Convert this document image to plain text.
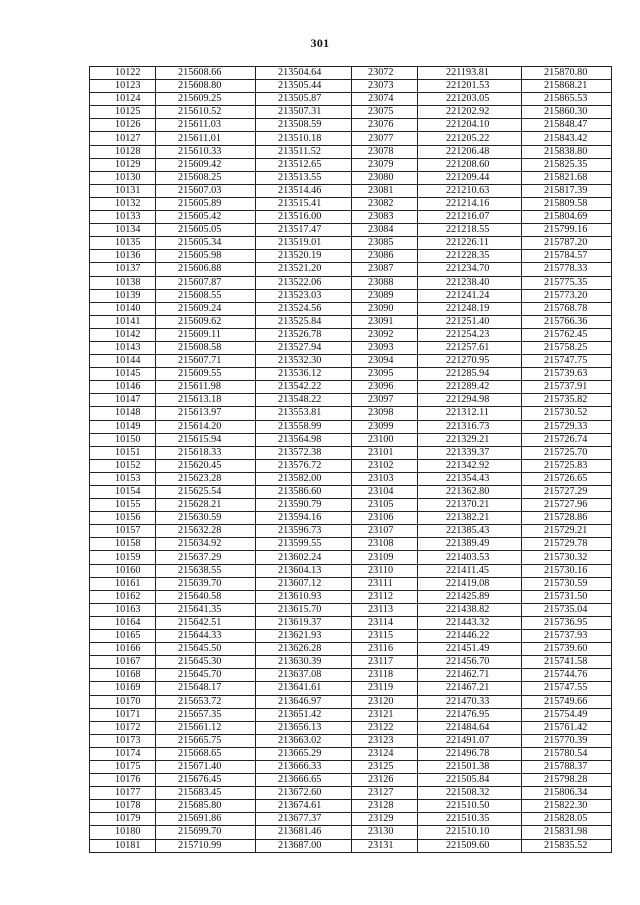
301
10122	215608.66	213504.64	23072	221193.81	215870.80
10123	215608.80	213505.44	23073	221201.53	215868.21
10124	215609.25	213505.87	23074	221203.05	215865.53
10125	215610.52	213507.31	23075	221202.92	215860.30
10126	215611.03	213508.59	23076	221204.10	215848.47
10127	215611.01	213510.18	23077	221205.22	215843.42
10128	215610.33	213511.52	23078	221206.48	215838.80
10129	215609.42	213512.65	23079	221208.60	215825.35
10130	215608.25	213513.55	23080	221209.44	215821.68
10131	215607.03	213514.46	23081	221210.63	215817.39
10132	215605.89	213515.41	23082	221214.16	215809.58
10133	215605.42	213516.00	23083	221216.07	215804.69
10134	215605.05	213517.47	23084	221218.55	215799.16
10135	215605.34	213519.01	23085	221226.11	215787.20
10136	215605.98	213520.19	23086	221228.35	215784.57
10137	215606.88	213521.20	23087	221234.70	215778.33
10138	215607.87	213522.06	23088	221238.40	215775.35
10139	215608.55	213523.03	23089	221241.24	215773.20
10140	215609.24	213524.56	23090	221248.19	215768.78
10141	215609.62	213525.84	23091	221251.40	215766.36
10142	215609.11	213526.78	23092	221254.23	215762.45
10143	215608.58	213527.94	23093	221257.61	215758.25
10144	215607.71	213532.30	23094	221270.95	215747.75
10145	215609.55	213536.12	23095	221285.94	215739.63
10146	215611.98	213542.22	23096	221289.42	215737.91
10147	215613.18	213548.22	23097	221294.98	215735.82
10148	215613.97	213553.81	23098	221312.11	215730.52
10149	215614.20	213558.99	23099	221316.73	215729.33
10150	215615.94	213564.98	23100	221329.21	215726.74
10151	215618.33	213572.38	23101	221339.37	215725.70
10152	215620.45	213576.72	23102	221342.92	215725.83
10153	215623.28	213582.00	23103	221354.43	215726.65
10154	215625.54	213586.60	23104	221362.80	215727.29
10155	215628.21	213590.79	23105	221370.21	215727.96
10156	215630.59	213594.16	23106	221382.21	215728.86
10157	215632.28	213596.73	23107	221385.43	215729.21
10158	215634.92	213599.55	23108	221389.49	215729.78
10159	215637.29	213602.24	23109	221403.53	215730.32
10160	215638.55	213604.13	23110	221411.45	215730.16
10161	215639.70	213607.12	23111	221419.08	215730.59
10162	215640.58	213610.93	23112	221425.89	215731.50
10163	215641.35	213615.70	23113	221438.82	215735.04
10164	215642.51	213619.37	23114	221443.32	215736.95
10165	215644.33	213621.93	23115	221446.22	215737.93
10166	215645.50	213626.28	23116	221451.49	215739.60
10167	215645.30	213630.39	23117	221456.70	215741.58
10168	215645.70	213637.08	23118	221462.71	215744.76
10169	215648.17	213641.61	23119	221467.21	215747.55
10170	215653.72	213646.97	23120	221470.33	215749.66
10171	215657.35	213651.42	23121	221476.95	215754.49
10172	215661.12	213656.13	23122	221484.64	215761.42
10173	215665.75	213663.02	23123	221491.07	215770.39
10174	215668.65	213665.29	23124	221496.78	215780.54
10175	215671.40	213666.33	23125	221501.38	215788.37
10176	215676.45	213666.65	23126	221505.84	215798.28
10177	215683.45	213672.60	23127	221508.32	215806.34
10178	215685.80	213674.61	23128	221510.50	215822.30
10179	215691.86	213677.37	23129	221510.35	215828.05
10180	215699.70	213681.46	23130	221510.10	215831.98
10181	215710.99	213687.00	23131	221509.60	215835.52
